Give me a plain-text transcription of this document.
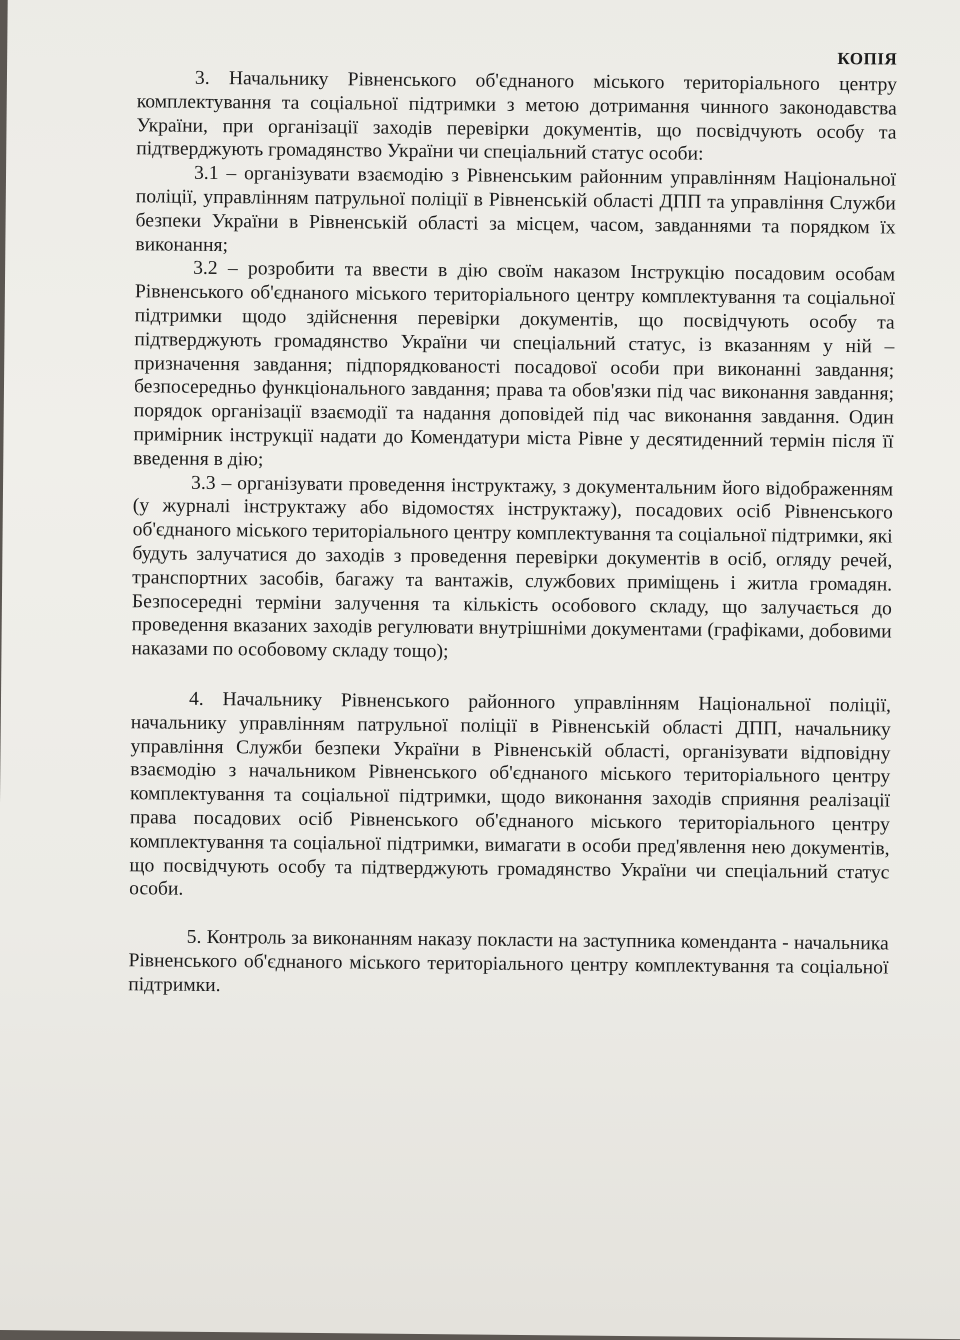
КОПІЯ

3. Начальнику Рівненського об'єднаного міського територіального центру комплектування та соціальної підтримки з метою дотримання чинного законодавства України, при організації заходів перевірки документів, що посвідчують особу та підтверджують громадянство України чи спеціальний статус особи:

3.1 – організувати взаємодію з Рівненським районним управлінням Національної поліції, управлінням патрульної поліції в Рівненській області ДПП та управління Служби безпеки України в Рівненській області за місцем, часом, завданнями та порядком їх виконання;

3.2 – розробити та ввести в дію своїм наказом Інструкцію посадовим особам Рівненського об'єднаного міського територіального центру комплектування та соціальної підтримки щодо здійснення перевірки документів, що посвідчують особу та підтверджують громадянство України чи спеціальний статус, із вказанням у ній – призначення завдання; підпорядкованості посадової особи при виконанні завдання; безпосередньо функціонального завдання; права та обов'язки під час виконання завдання; порядок організації взаємодії та надання доповідей під час виконання завдання. Один примірник інструкції надати до Комендатури міста Рівне у десятиденний термін після її введення в дію;

3.3 – організувати проведення інструктажу, з документальним його відображенням (у журналі інструктажу або відомостях інструктажу), посадових осіб Рівненського об'єднаного міського територіального центру комплектування та соціальної підтримки, які будуть залучатися до заходів з проведення перевірки документів в осіб, огляду речей, транспортних засобів, багажу та вантажів, службових приміщень і житла громадян. Безпосередні терміни залучення та кількість особового складу, що залучається до проведення вказаних заходів регулювати внутрішніми документами (графіками, добовими наказами по особовому складу тощо);

4. Начальнику Рівненського районного управлінням Національної поліції, начальнику управлінням патрульної поліції в Рівненській області ДПП, начальнику управління Служби безпеки України в Рівненській області, організувати відповідну взаємодію з начальником Рівненського об'єднаного міського територіального центру комплектування та соціальної підтримки, щодо виконання заходів сприяння реалізації права посадових осіб Рівненського об'єднаного міського територіального центру комплектування та соціальної підтримки, вимагати в особи пред'явлення нею документів, що посвідчують особу та підтверджують громадянство України чи спеціальний статус особи.

5. Контроль за виконанням наказу покласти на заступника коменданта - начальника Рівненського об'єднаного міського територіального центру комплектування та соціальної підтримки.
